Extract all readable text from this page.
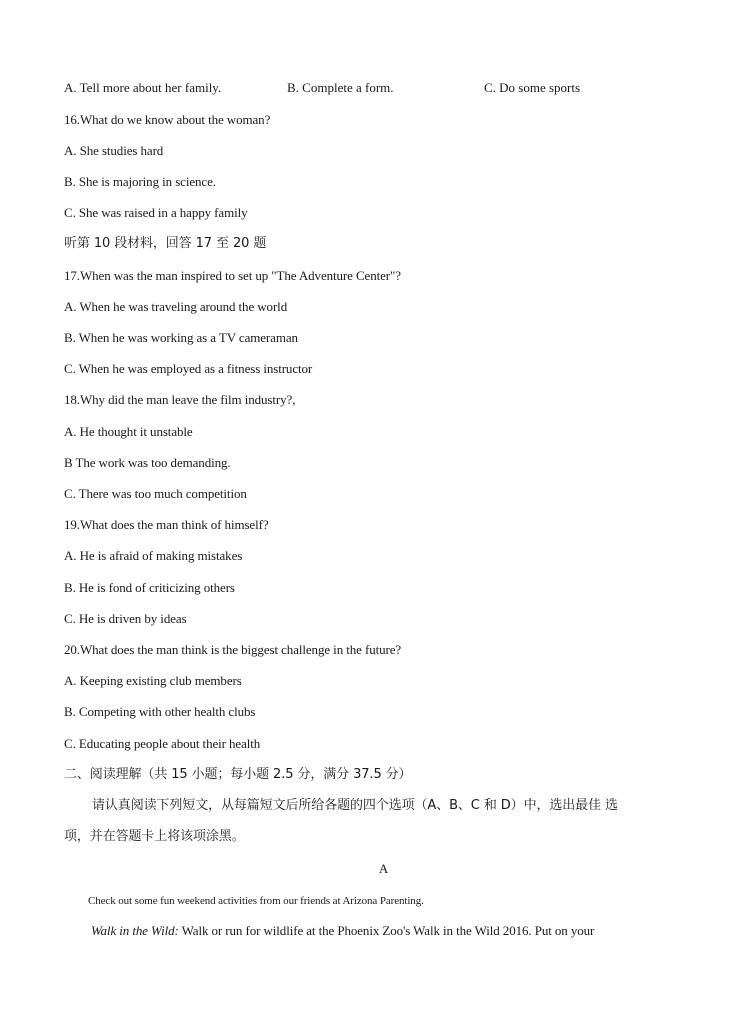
A. Tell more about her family.	B. Complete a form.	C. Do some sports
16.What do we know about the woman?
A. She studies hard
B. She is majoring in science.
C. She was raised in a happy family
听第 10 段材料，回答 17 至 20 题
17.When was the man inspired to set up "The Adventure Center"?
A. When he was traveling around the world
B. When he was working as a TV cameraman
C. When he was employed as a fitness instructor
18.Why did the man leave the film industry?,
A. He thought it unstable
B The work was too demanding.
C. There was too much competition
19.What does the man think of himself?
A. He is afraid of making mistakes
B. He is fond of criticizing others
C. He is driven by ideas
20.What does the man think is the biggest challenge in the future?
A. Keeping existing club members
B. Competing with other health clubs
C. Educating people about their health
二、阅读理解（共 15 小题；每小题 2.5 分，满分 37.5 分）
请认真阅读下列短文，从每篇短文后所给各题的四个选项（A、B、C 和 D）中，选出最佳 选
项，并在答题卡上将该项涂黑。
A
Check out some fun weekend activities from our friends at Arizona Parenting.
Walk in the Wild: Walk or run for wildlife at the Phoenix Zoo's Walk in the Wild 2016. Put on your
